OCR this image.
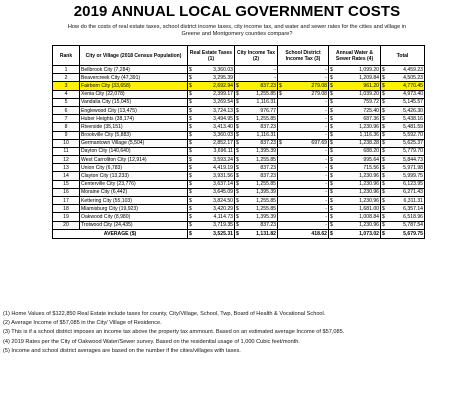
2019 ANNUAL LOCAL GOVERNMENT COSTS
How do the costs of real estate taxes, school district income taxes, city income tax, and water and sewer rates for the cities and village in Greene and Montgomery counties compare?
Rank	City or Village (2018 Census Population)	Real Estate Taxes (1)	City Income Tax (2)	School District Income Tax (3)	Annual Water & Sewer Rates (4)	Total
1	Bellbrook City (7,284)	$ 3,360.03	-	-	$ 1,099.20	$ 4,459.23

2	Beavercreek City (47,391)	$ 3,295.39	-	-	$ 1,209.84	$ 4,505.23

3	Fairborn City (33,658)	$ 2,692.94	$ 837.23	$ 279.08	$ 961.20	$ 4,770.45

4	Xenia City (22,078)	$ 2,399.17	$ 1,255.85	$ 279.08	$ 1,039.20	$ 4,973.40

5	Vandalia City (15,045)	$ 3,269.54	$ 1,116.31	-	$ 759.72	$ 5,145.57

6	Englewood City (13,475)	$ 3,724.13	$ 976.77	-	$ 725.40	$ 5,426.30

7	Huber Heights (38,174)	$ 3,494.95	$ 1,255.85	-	$ 687.36	$ 5,438.16

8	Riverside (35,151)	$ 3,413.40	$ 837.23	-	$ 1,230.96	$ 5,481.59

9	Brookville City (5,883)	$ 3,360.03	$ 1,116.31	-	$ 1,116.36	$ 5,592.70

10	Germantown Village (5,504)	$ 2,852.17	$ 837.23	$ 697.69	$ 1,238.28	$ 5,625.37

11	Dayton City (140,640)	$ 3,696.11	$ 1,395.39	-	$ 688.20	$ 5,779.70

12	West Carrollton City (12,914)	$ 3,593.24	$ 1,255.85	-	$ 995.64	$ 5,844.73

13	Union City (6,783)	$ 4,419.19	$ 837.23	-	$ 715.56	$ 5,971.98

14	Clayton City (13,233)	$ 3,931.56	$ 837.23	-	$ 1,230.96	$ 5,999.75

15	Centerville City (23,776)	$ 3,637.14	$ 1,255.85	-	$ 1,230.96	$ 6,123.95

16	Moraine City (6,442)	$ 3,645.09	$ 1,395.39	-	$ 1,230.96	$ 6,271.43

17	Kettering City (55,103)	$ 3,824.50	$ 1,255.85	-	$ 1,230.96	$ 6,311.31

18	Miamisburg City (19,923)	$ 3,420.29	$ 1,255.85	-	$ 1,681.00	$ 6,357.14

19	Oakwood City (8,980)	$ 4,114.73	$ 1,395.39	-	$ 1,008.84	$ 6,518.96

20	Trotwood City (24,435)	$ 3,719.35	$ 837.23	-	$ 1,230.96	$ 5,787.54

AVERAGE ($)		$ 3,525.31	$ 1,131.82	418.62	$ 1,073.02	$ 5,679.75

(1) Home Values of $122,850 Real Estate include taxes for county, City/Village, School, Twp, Board of Health & Vocational School.

(2) Average Income of $57,085 in the City/ Village of Residence.

(3) This is if a school district imposes an income tax above the property tax ammount. Based on an estimated average Income of $57,085.

(4) 2019 Rates per the City of Oakwood Water/Sewer survey. Based on the residential usage of 1,000 Cubic feet/month.

(5) Income and school district averages are based on the number if the cities/villages with taxes.
